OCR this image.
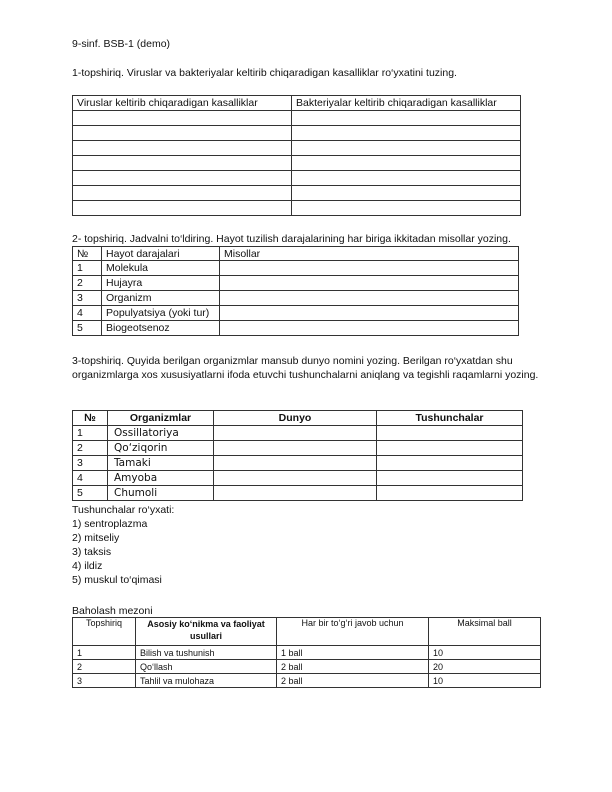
9-sinf. BSB-1 (demo)
1-topshiriq. Viruslar va bakteriyalar keltirib chiqaradigan kasalliklar ro‘yxatini tuzing.
Viruslar keltirib chiqaradigan kasalliklar	Bakteriyalar keltirib chiqaradigan kasalliklar

2- topshiriq. Jadvalni to‘ldiring. Hayot tuzilish darajalarining har biriga ikkitadan misollar yozing.
№	Hayot darajalari	Misollar
1	Molekula	
2	Hujayra	
3	Organizm	
4	Populyatsiya (yoki tur)	
5	Biogeotsenoz	
3-topshiriq. Quyida berilgan organizmlar mansub dunyo nomini yozing. Berilgan ro‘yxatdan shu organizmlarga xos xususiyatlarni ifoda etuvchi tushunchalarni aniqlang va tegishli raqamlarni yozing.
№	Organizmlar	Dunyo	Tushunchalar
1	Ossillatoriya		
2	Qo‘ziqorin		
3	Tamaki		
4	Amyoba		
5	Chumoli		
Tushunchalar ro‘yxati:
1) sentroplazma
2) mitseliy
3) taksis
4) ildiz
5) muskul to‘qimasi
Baholash mezoni
Topshiriq	Asosiy ko‘nikma va faoliyat usullari	Har bir to‘g‘ri javob uchun	Maksimal ball
1	Bilish va tushunish	1 ball	10
2	Qo‘llash	2 ball	20
3	Tahlil va mulohaza	2 ball	10
